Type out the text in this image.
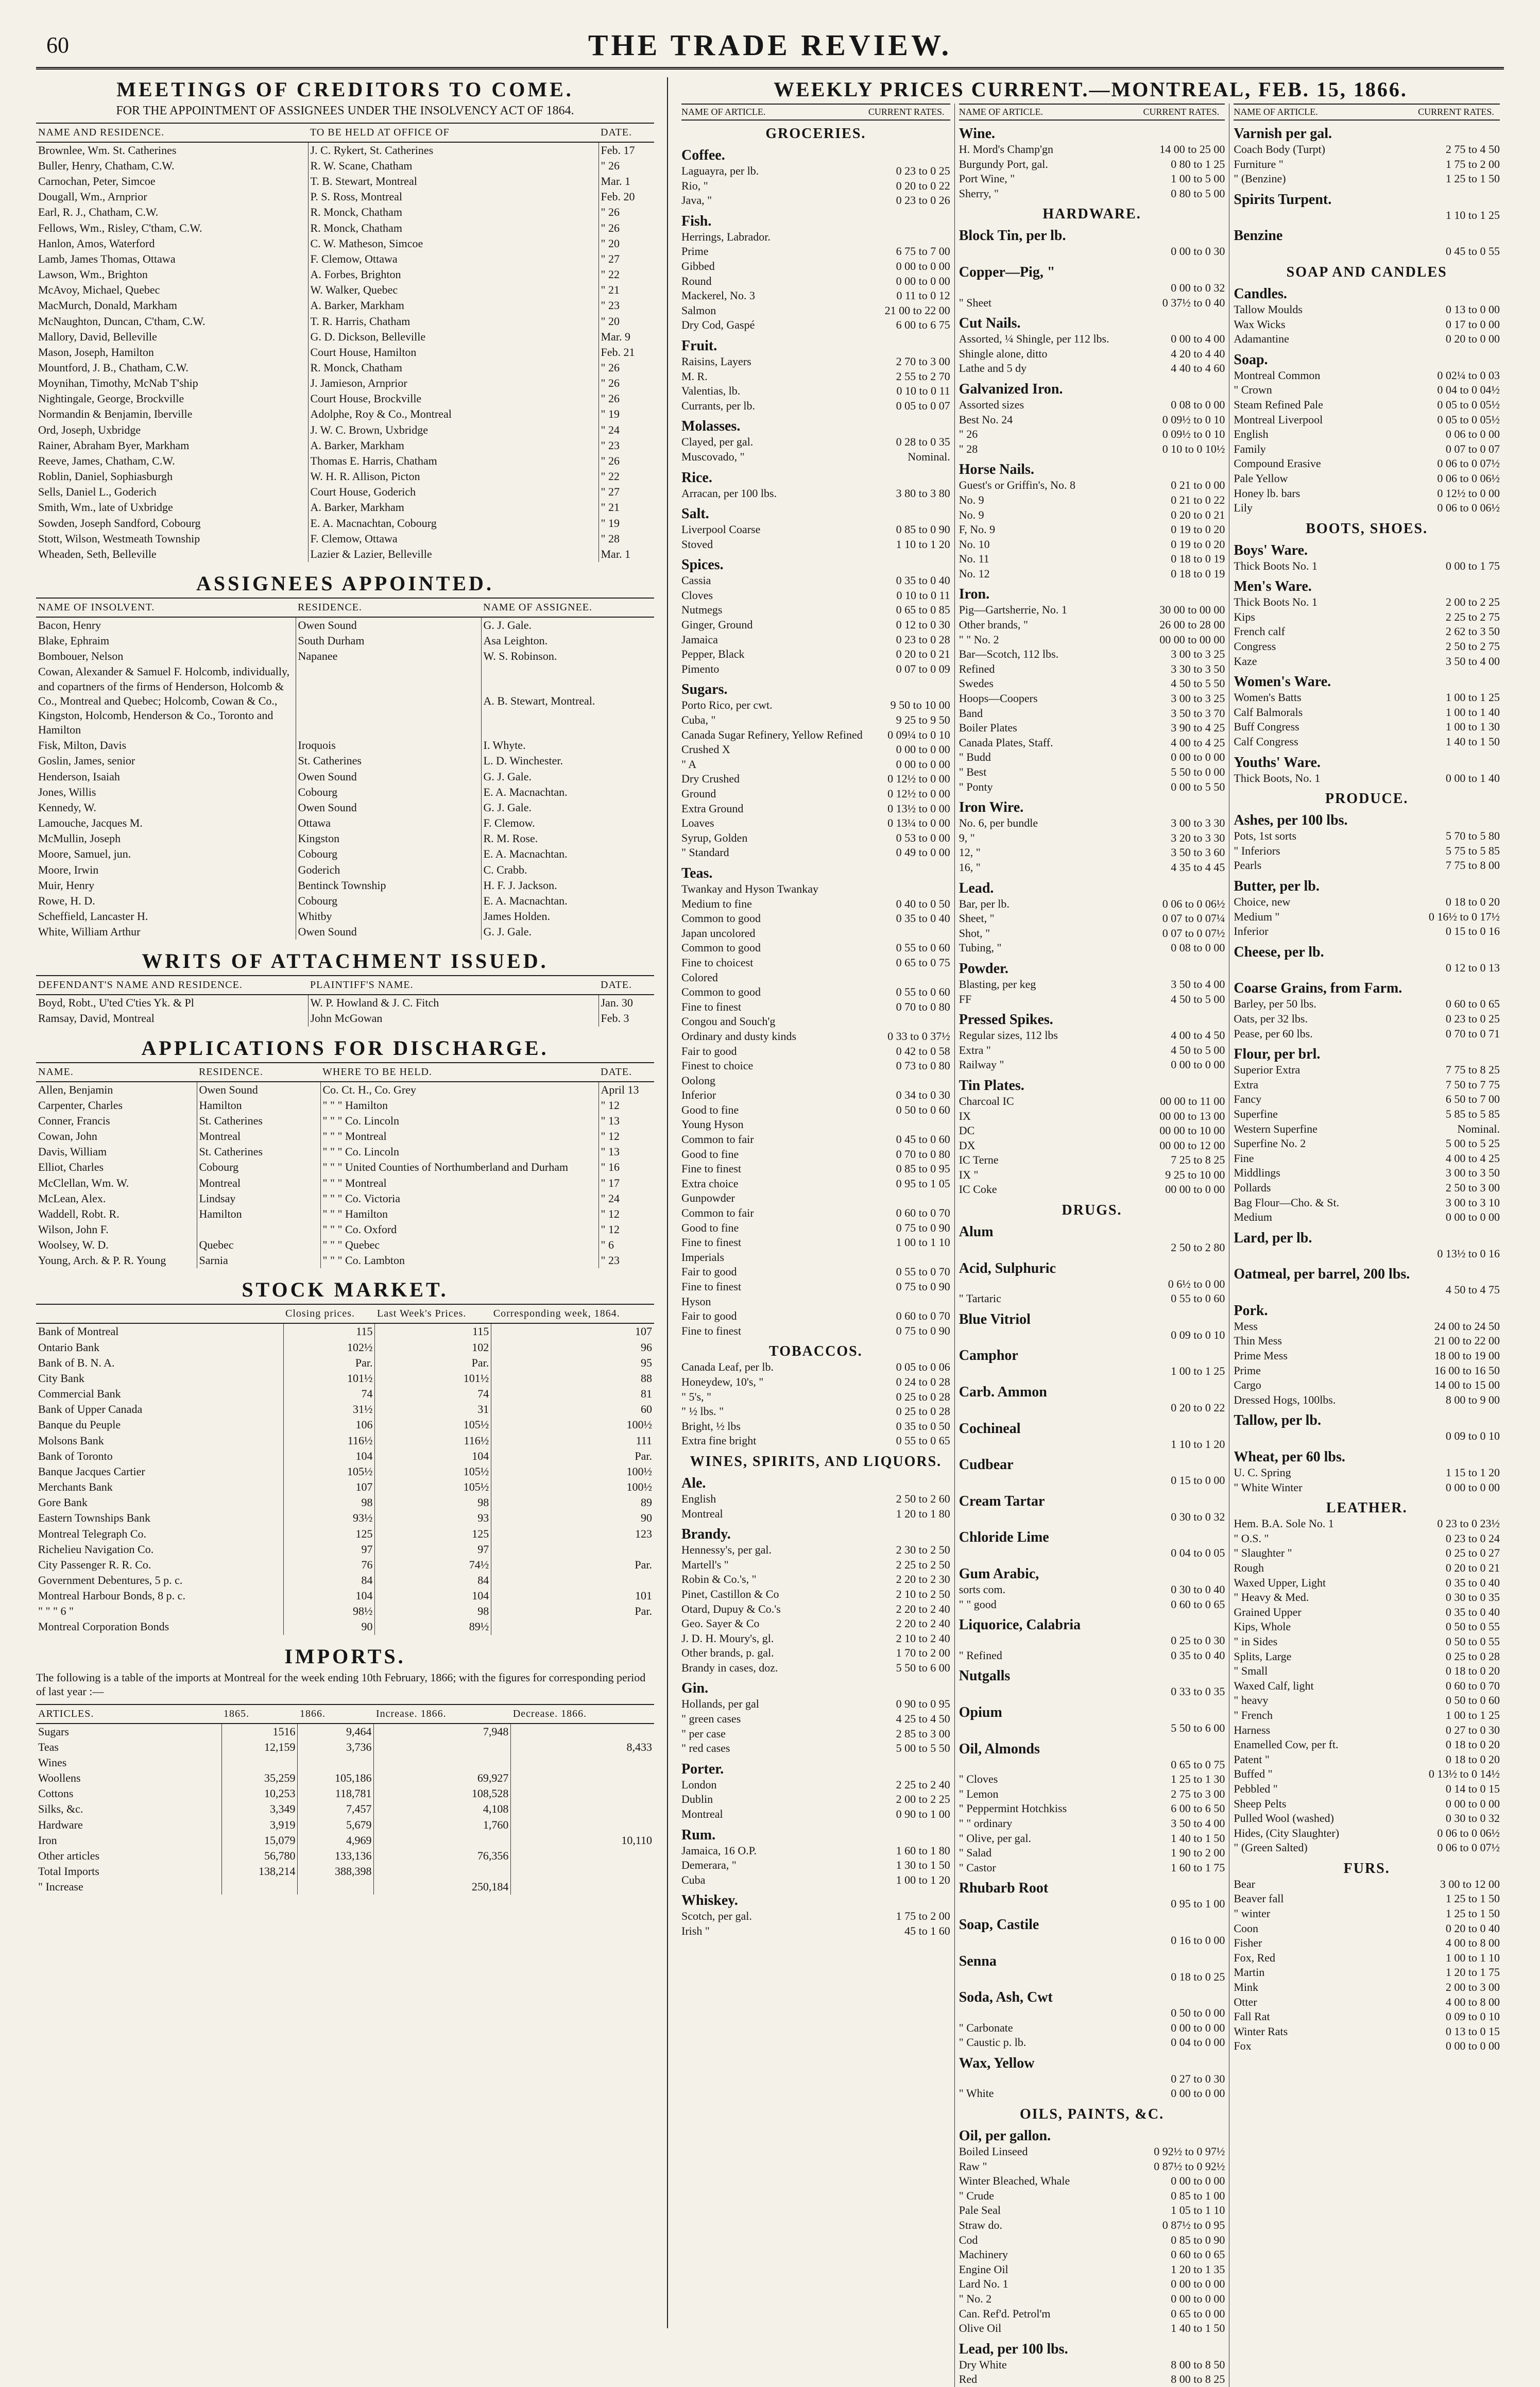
60	THE TRADE REVIEW.
MEETINGS OF CREDITORS TO COME.
FOR THE APPOINTMENT OF ASSIGNEES UNDER THE INSOLVENCY ACT OF 1864.
NAME AND RESIDENCE.	TO BE HELD AT OFFICE OF	DATE.
Brownlee, Wm. St. Catherines	J. C. Rykert, St. Catherines	Feb. 17
Buller, Henry, Chatham, C.W.	R. W. Scane, Chatham	" 26
Carnochan, Peter, Simcoe	T. B. Stewart, Montreal	Mar. 1
Dougall, Wm., Arnprior	P. S. Ross, Montreal	Feb. 20
Earl, R. J., Chatham, C.W.	R. Monck, Chatham	" 26
Fellows, Wm., Risley, C'tham, C.W.	R. Monck, Chatham	" 26
Hanlon, Amos, Waterford	C. W. Matheson, Simcoe	" 20
Lamb, James Thomas, Ottawa	F. Clemow, Ottawa	" 27
Lawson, Wm., Brighton	A. Forbes, Brighton	" 22
McAvoy, Michael, Quebec	W. Walker, Quebec	" 21
MacMurch, Donald, Markham	A. Barker, Markham	" 23
McNaughton, Duncan, C'tham, C.W.	T. R. Harris, Chatham	" 20
Mallory, David, Belleville	G. D. Dickson, Belleville	Mar. 9
Mason, Joseph, Hamilton	Court House, Hamilton	Feb. 21
Mountford, J. B., Chatham, C.W.	R. Monck, Chatham	" 26
Moynihan, Timothy, McNab T'ship	J. Jamieson, Arnprior	" 26
Nightingale, George, Brockville	Court House, Brockville	" 26
Normandin & Benjamin, Iberville	Adolphe, Roy & Co., Montreal	" 19
Ord, Joseph, Uxbridge	J. W. C. Brown, Uxbridge	" 24
Rainer, Abraham Byer, Markham	A. Barker, Markham	" 23
Reeve, James, Chatham, C.W.	Thomas E. Harris, Chatham	" 26
Roblin, Daniel, Sophiasburgh	W. H. R. Allison, Picton	" 22
Sells, Daniel L., Goderich	Court House, Goderich	" 27
Smith, Wm., late of Uxbridge	A. Barker, Markham	" 21
Sowden, Joseph Sandford, Cobourg	E. A. Macnachtan, Cobourg	" 19
Stott, Wilson, Westmeath Township	F. Clemow, Ottawa	" 28
Wheaden, Seth, Belleville	Lazier & Lazier, Belleville	Mar. 1
ASSIGNEES APPOINTED.
NAME OF INSOLVENT.	RESIDENCE.	NAME OF ASSIGNEE.
Bacon, Henry	Owen Sound	G. J. Gale.
Blake, Ephraim	South Durham	Asa Leighton.
Bombouer, Nelson	Napanee	W. S. Robinson.
Cowan, Alexander & Samuel F. Holcomb, individually, and copartners of the firms of Henderson, Holcomb & Co., Montreal and Quebec; Holcomb, Cowan & Co., Kingston, Holcomb, Henderson & Co., Toronto and Hamilton		A. B. Stewart, Montreal.
Fisk, Milton, Davis	Iroquois	I. Whyte.
Goslin, James, senior	St. Catherines	L. D. Winchester.
Henderson, Isaiah	Owen Sound	G. J. Gale.
Jones, Willis	Cobourg	E. A. Macnachtan.
Kennedy, W.	Owen Sound	G. J. Gale.
Lamouche, Jacques M.	Ottawa	F. Clemow.
McMullin, Joseph	Kingston	R. M. Rose.
Moore, Samuel, jun.	Cobourg	E. A. Macnachtan.
Moore, Irwin	Goderich	C. Crabb.
Muir, Henry	Bentinck Township	H. F. J. Jackson.
Rowe, H. D.	Cobourg	E. A. Macnachtan.
Scheffield, Lancaster H.	Whitby	James Holden.
White, William Arthur	Owen Sound	G. J. Gale.
WRITS OF ATTACHMENT ISSUED.
DEFENDANT'S NAME AND RESIDENCE.	PLAINTIFF'S NAME.	DATE.
Boyd, Robt., U'ted C'ties Yk. & Pl	W. P. Howland & J. C. Fitch	Jan. 30
Ramsay, David, Montreal	John McGowan	Feb. 3
APPLICATIONS FOR DISCHARGE.
NAME.	RESIDENCE.	WHERE TO BE HELD.	DATE.
Allen, Benjamin	Owen Sound	Co. Ct. H., Co. Grey	April 13
Carpenter, Charles	Hamilton	" " " Hamilton	" 12
Conner, Francis	St. Catherines	" " " Co. Lincoln	" 13
Cowan, John	Montreal	" " " Montreal	" 12
Davis, William	St. Catherines	" " " Co. Lincoln	" 13
Elliot, Charles	Cobourg	" " " United Counties of Northumberland and Durham	" 16
McClellan, Wm. W.	Montreal	" " " Montreal	" 17
McLean, Alex.	Lindsay	" " " Co. Victoria	" 24
Waddell, Robt. R.	Hamilton	" " " Hamilton	" 12
Wilson, John F.		" " " Co. Oxford	" 12
Woolsey, W. D.	Quebec	" " " Quebec	" 6
Young, Arch. & P. R. Young	Sarnia	" " " Co. Lambton	" 23
STOCK MARKET.
	Closing prices.	Last Week's Prices.	Corresponding week, 1864.
Bank of Montreal	115	115	107
Ontario Bank	102½	102	96
Bank of B. N. A.	Par.	Par.	95
City Bank	101½	101½	88
Commercial Bank	74	74	81
Bank of Upper Canada	31½	31	60
Banque du Peuple	106	105½	100½
Molsons Bank	116½	116½	111
Bank of Toronto	104	104	Par.
Banque Jacques Cartier	105½	105½	100½
Merchants Bank	107	105½	100½
Gore Bank	98	98	89
Eastern Townships Bank	93½	93	90
Montreal Telegraph Co.	125	125	123
Richelieu Navigation Co.	97	97	
City Passenger R. R. Co.	76	74½	Par.
Government Debentures, 5 p. c.	84	84	
Montreal Harbour Bonds, 8 p. c.	104	104	101
" " " 6 "	98½	98	Par.
Montreal Corporation Bonds	90	89½	
IMPORTS.
The following is a table of the imports at Montreal for the week ending 10th February, 1866; with the figures for corresponding period of last year :—
ARTICLES.	1865.	1866.	Increase. 1866.	Decrease. 1866.
Sugars	1516	9,464	7,948	
Teas	12,159	3,736		8,433
Wines				
Woollens	35,259	105,186	69,927	
Cottons	10,253	118,781	108,528	
Silks, &c.	3,349	7,457	4,108	
Hardware	3,919	5,679	1,760	
Iron	15,079	4,969		10,110
Other articles	56,780	133,136	76,356	
Total Imports	138,214	388,398		
" Increase			250,184	
WEEKLY PRICES CURRENT.—MONTREAL, FEB. 15, 1866.
NAME OF ARTICLE.	CURRENT RATES.
GROCERIES.
Coffee.
Laguayra, per lb.	0 23 to 0 25
Rio, "	0 20 to 0 22
Java, "	0 23 to 0 26
Fish.
Herrings, Labrador.
Prime	6 75 to 7 00
Gibbed	0 00 to 0 00
Round	0 00 to 0 00
Mackerel, No. 3	0 11 to 0 12
Salmon	21 00 to 22 00
Dry Cod, Gaspé	6 00 to 6 75
Fruit.
Raisins, Layers	2 70 to 3 00
M. R.	2 55 to 2 70
Valentias, lb.	0 10 to 0 11
Currants, per lb.	0 05 to 0 07
Molasses.
Clayed, per gal.	0 28 to 0 35
Muscovado, "	Nominal.
Rice.
Arracan, per 100 lbs.	3 80 to 3 80
Salt.
Liverpool Coarse	0 85 to 0 90
Stoved	1 10 to 1 20
Spices.
Cassia	0 35 to 0 40
Cloves	0 10 to 0 11
Nutmegs	0 65 to 0 85
Ginger, Ground	0 12 to 0 30
Jamaica	0 23 to 0 28
Pepper, Black	0 20 to 0 21
Pimento	0 07 to 0 09
Sugars.
Porto Rico, per cwt.	9 50 to 10 00
Cuba, "	9 25 to 9 50
Canada Sugar Refinery, Yellow Refined	0 09¼ to 0 10
Crushed X	0 00 to 0 00
" A	0 00 to 0 00
Dry Crushed	0 12½ to 0 00
Ground	0 12½ to 0 00
Extra Ground	0 13½ to 0 00
Loaves	0 13¼ to 0 00
Syrup, Golden	0 53 to 0 00
" Standard	0 49 to 0 00
Teas.
Twankay and Hyson Twankay
Medium to fine	0 40 to 0 50
Common to good	0 35 to 0 40
Japan uncolored
Common to good	0 55 to 0 60
Fine to choicest	0 65 to 0 75
Colored
Common to good	0 55 to 0 60
Fine to finest	0 70 to 0 80
Congou and Souch'g
Ordinary and dusty kinds	0 33 to 0 37½
Fair to good	0 42 to 0 58
Finest to choice	0 73 to 0 80
Oolong
Inferior	0 34 to 0 30
Good to fine	0 50 to 0 60
Young Hyson
Common to fair	0 45 to 0 60
Good to fine	0 70 to 0 80
Fine to finest	0 85 to 0 95
Extra choice	0 95 to 1 05
Gunpowder
Common to fair	0 60 to 0 70
Good to fine	0 75 to 0 90
Fine to finest	1 00 to 1 10
Imperials
Fair to good	0 55 to 0 70
Fine to finest	0 75 to 0 90
Hyson
Fair to good	0 60 to 0 70
Fine to finest	0 75 to 0 90
TOBACCOS.
Canada Leaf, per lb.	0 05 to 0 06
Honeydew, 10's, "	0 24 to 0 28
" 5's, "	0 25 to 0 28
" ½ lbs. "	0 25 to 0 28
Bright, ½ lbs	0 35 to 0 50
Extra fine bright	0 55 to 0 65
WINES, SPIRITS, AND LIQUORS.
Ale.
English	2 50 to 2 60
Montreal	1 20 to 1 80
Brandy.
Hennessy's, per gal.	2 30 to 2 50
Martell's "	2 25 to 2 50
Robin & Co.'s, "	2 20 to 2 30
Pinet, Castillon & Co	2 10 to 2 50
Otard, Dupuy & Co.'s	2 20 to 2 40
Geo. Sayer & Co	2 20 to 2 40
J. D. H. Moury's, gl.	2 10 to 2 40
Other brands, p. gal.	1 70 to 2 00
Brandy in cases, doz.	5 50 to 6 00
Gin.
Hollands, per gal	0 90 to 0 95
" green cases	4 25 to 4 50
" per case	2 85 to 3 00
" red cases	5 00 to 5 50
Porter.
London	2 25 to 2 40
Dublin	2 00 to 2 25
Montreal	0 90 to 1 00
Rum.
Jamaica, 16 O.P.	1 60 to 1 80
Demerara, "	1 30 to 1 50
Cuba	1 00 to 1 20
Whiskey.
Scotch, per gal.	1 75 to 2 00
Irish "	45 to 1 60
NAME OF ARTICLE.	CURRENT RATES.
Wine.
H. Mord's Champ'gn	14 00 to 25 00
Burgundy Port, gal.	0 80 to 1 25
Port Wine, "	1 00 to 5 00
Sherry, "	0 80 to 5 00
HARDWARE.
Block Tin, per lb.
0 00 to 0 30
Copper—Pig, "
0 00 to 0 32
" Sheet	0 37½ to 0 40
Cut Nails.
Assorted, ¼ Shingle, per 112 lbs.	0 00 to 4 00
Shingle alone, ditto	4 20 to 4 40
Lathe and 5 dy	4 40 to 4 60
Galvanized Iron.
Assorted sizes	0 08 to 0 00
Best No. 24	0 09½ to 0 10
" 26	0 09½ to 0 10
" 28	0 10 to 0 10½
Horse Nails.
Guest's or Griffin's, No. 8	0 21 to 0 00
No. 9	0 21 to 0 22
No. 9	0 20 to 0 21
F, No. 9	0 19 to 0 20
No. 10	0 19 to 0 20
No. 11	0 18 to 0 19
No. 12	0 18 to 0 19
Iron.
Pig—Gartsherrie, No. 1	30 00 to 00 00
Other brands, "	26 00 to 28 00
" " No. 2	00 00 to 00 00
Bar—Scotch, 112 lbs.	3 00 to 3 25
Refined	3 30 to 3 50
Swedes	4 50 to 5 50
Hoops—Coopers	3 00 to 3 25
Band	3 50 to 3 70
Boiler Plates	3 90 to 4 25
Canada Plates, Staff.	4 00 to 4 25
" Budd	0 00 to 0 00
" Best	5 50 to 0 00
" Ponty	0 00 to 5 50
Iron Wire.
No. 6, per bundle	3 00 to 3 30
9, "	3 20 to 3 30
12, "	3 50 to 3 60
16, "	4 35 to 4 45
Lead.
Bar, per lb.	0 06 to 0 06½
Sheet, "	0 07 to 0 07¼
Shot, "	0 07 to 0 07½
Tubing, "	0 08 to 0 00
Powder.
Blasting, per keg	3 50 to 4 00
FF	4 50 to 5 00
Pressed Spikes.
Regular sizes, 112 lbs	4 00 to 4 50
Extra "	4 50 to 5 00
Railway "	0 00 to 0 00
Tin Plates.
Charcoal IC	00 00 to 11 00
IX	00 00 to 13 00
DC	00 00 to 10 00
DX	00 00 to 12 00
IC Terne	7 25 to 8 25
IX "	9 25 to 10 00
IC Coke	00 00 to 0 00
DRUGS.
Alum
2 50 to 2 80
Acid, Sulphuric
0 6½ to 0 00
" Tartaric	0 55 to 0 60
Blue Vitriol
0 09 to 0 10
Camphor
1 00 to 1 25
Carb. Ammon
0 20 to 0 22
Cochineal
1 10 to 1 20
Cudbear
0 15 to 0 00
Cream Tartar
0 30 to 0 32
Chloride Lime
0 04 to 0 05
Gum Arabic,
sorts com.	0 30 to 0 40
" " good	0 60 to 0 65
Liquorice, Calabria
0 25 to 0 30
" Refined	0 35 to 0 40
Nutgalls
0 33 to 0 35
Opium
5 50 to 6 00
Oil, Almonds
0 65 to 0 75
" Cloves	1 25 to 1 30
" Lemon	2 75 to 3 00
" Peppermint Hotchkiss	6 00 to 6 50
" " ordinary	3 50 to 4 00
" Olive, per gal.	1 40 to 1 50
" Salad	1 90 to 2 00
" Castor	1 60 to 1 75
Rhubarb Root
0 95 to 1 00
Soap, Castile
0 16 to 0 00
Senna
0 18 to 0 25
Soda, Ash, Cwt
0 50 to 0 00
" Carbonate	0 00 to 0 00
" Caustic p. lb.	0 04 to 0 00
Wax, Yellow
0 27 to 0 30
" White	0 00 to 0 00
OILS, PAINTS, &C.
Oil, per gallon.
Boiled Linseed	0 92½ to 0 97½
Raw "	0 87½ to 0 92½
Winter Bleached, Whale	0 00 to 0 00
" Crude	0 85 to 1 00
Pale Seal	1 05 to 1 10
Straw do.	0 87½ to 0 95
Cod	0 85 to 0 90
Machinery	0 60 to 0 65
Engine Oil	1 20 to 1 35
Lard No. 1	0 00 to 0 00
" No. 2	0 00 to 0 00
Can. Ref'd. Petrol'm	0 65 to 0 00
Olive Oil	1 40 to 1 50
Lead, per 100 lbs.
Dry White	8 00 to 8 50
Red	8 00 to 8 25
NAME OF ARTICLE.	CURRENT RATES.
Varnish per gal.
Coach Body (Turpt)	2 75 to 4 50
Furniture "	1 75 to 2 00
" (Benzine)	1 25 to 1 50
Spirits Turpent.
1 10 to 1 25
Benzine
0 45 to 0 55
SOAP AND CANDLES
Candles.
Tallow Moulds	0 13 to 0 00
Wax Wicks	0 17 to 0 00
Adamantine	0 20 to 0 00
Soap.
Montreal Common	0 02¼ to 0 03
" Crown	0 04 to 0 04½
Steam Refined Pale	0 05 to 0 05½
Montreal Liverpool	0 05 to 0 05½
English	0 06 to 0 00
Family	0 07 to 0 07
Compound Erasive	0 06 to 0 07½
Pale Yellow	0 06 to 0 06½
Honey lb. bars	0 12½ to 0 00
Lily	0 06 to 0 06½
BOOTS, SHOES.
Boys' Ware.
Thick Boots No. 1	0 00 to 1 75
Men's Ware.
Thick Boots No. 1	2 00 to 2 25
Kips	2 25 to 2 75
French calf	2 62 to 3 50
Congress	2 50 to 2 75
Kaze	3 50 to 4 00
Women's Ware.
Women's Batts	1 00 to 1 25
Calf Balmorals	1 00 to 1 40
Buff Congress	1 00 to 1 30
Calf Congress	1 40 to 1 50
Youths' Ware.
Thick Boots, No. 1	0 00 to 1 40
PRODUCE.
Ashes, per 100 lbs.
Pots, 1st sorts	5 70 to 5 80
" Inferiors	5 75 to 5 85
Pearls	7 75 to 8 00
Butter, per lb.
Choice, new	0 18 to 0 20
Medium "	0 16½ to 0 17½
Inferior	0 15 to 0 16
Cheese, per lb.
0 12 to 0 13
Coarse Grains, from Farm.
Barley, per 50 lbs.	0 60 to 0 65
Oats, per 32 lbs.	0 23 to 0 25
Pease, per 60 lbs.	0 70 to 0 71
Flour, per brl.
Superior Extra	7 75 to 8 25
Extra	7 50 to 7 75
Fancy	6 50 to 7 00
Superfine	5 85 to 5 85
Western Superfine	Nominal.
Superfine No. 2	5 00 to 5 25
Fine	4 00 to 4 25
Middlings	3 00 to 3 50
Pollards	2 50 to 3 00
Bag Flour—Cho. & St.	3 00 to 3 10
Medium	0 00 to 0 00
Lard, per lb.
0 13½ to 0 16
Oatmeal, per barrel, 200 lbs.
4 50 to 4 75
Pork.
Mess	24 00 to 24 50
Thin Mess	21 00 to 22 00
Prime Mess	18 00 to 19 00
Prime	16 00 to 16 50
Cargo	14 00 to 15 00
Dressed Hogs, 100lbs.	8 00 to 9 00
Tallow, per lb.
0 09 to 0 10
Wheat, per 60 lbs.
U. C. Spring	1 15 to 1 20
" White Winter	0 00 to 0 00
LEATHER.
Hem. B.A. Sole No. 1	0 23 to 0 23½
" O.S. "	0 23 to 0 24
" Slaughter "	0 25 to 0 27
Rough	0 20 to 0 21
Waxed Upper, Light	0 35 to 0 40
" Heavy & Med.	0 30 to 0 35
Grained Upper	0 35 to 0 40
Kips, Whole	0 50 to 0 55
" in Sides	0 50 to 0 55
Splits, Large	0 25 to 0 28
" Small	0 18 to 0 20
Waxed Calf, light	0 60 to 0 70
" heavy	0 50 to 0 60
" French	1 00 to 1 25
Harness	0 27 to 0 30
Enamelled Cow, per ft.	0 18 to 0 20
Patent "	0 18 to 0 20
Buffed "	0 13½ to 0 14½
Pebbled "	0 14 to 0 15
Sheep Pelts	0 00 to 0 00
Pulled Wool (washed)	0 30 to 0 32
Hides, (City Slaughter)	0 06 to 0 06½
" (Green Salted)	0 06 to 0 07½
FURS.
Bear	3 00 to 12 00
Beaver fall	1 25 to 1 50
" winter	1 25 to 1 50
Coon	0 20 to 0 40
Fisher	4 00 to 8 00
Fox, Red	1 00 to 1 10
Martin	1 20 to 1 75
Mink	2 00 to 3 00
Otter	4 00 to 8 00
Fall Rat	0 09 to 0 10
Winter Rats	0 13 to 0 15
Fox	0 00 to 0 00
